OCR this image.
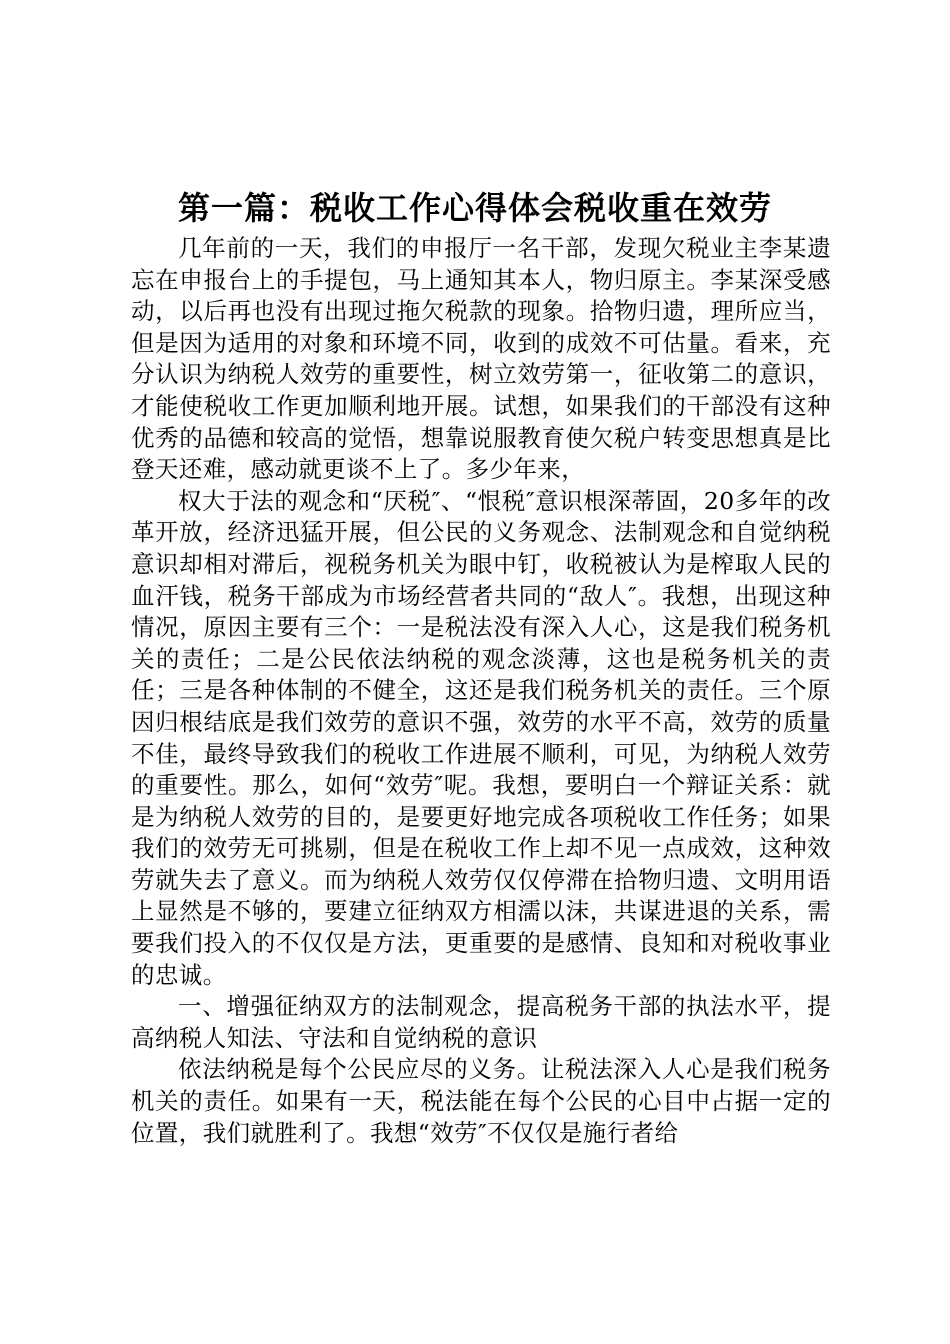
第一篇：税收工作心得体会税收重在效劳

几年前的一天，我们的申报厅一名干部，发现欠税业主李某遗忘在申报台上的手提包，马上通知其本人，物归原主。李某深受感动，以后再也没有出现过拖欠税款的现象。拾物归遗，理所应当，但是因为适用的对象和环境不同，收到的成效不可估量。看来，充分认识为纳税人效劳的重要性，树立效劳第一，征收第二的意识，才能使税收工作更加顺利地开展。试想，如果我们的干部没有这种优秀的品德和较高的觉悟，想靠说服教育使欠税户转变思想真是比登天还难，感动就更谈不上了。多少年来，

权大于法的观念和“厌税″、“恨税″意识根深蒂固，20多年的改革开放，经济迅猛开展，但公民的义务观念、法制观念和自觉纳税意识却相对滞后，视税务机关为眼中钉，收税被认为是榨取人民的血汗钱，税务干部成为市场经营者共同的“敌人″。我想，出现这种情况，原因主要有三个：一是税法没有深入人心，这是我们税务机关的责任；二是公民依法纳税的观念淡薄，这也是税务机关的责任；三是各种体制的不健全，这还是我们税务机关的责任。三个原因归根结底是我们效劳的意识不强，效劳的水平不高，效劳的质量不佳，最终导致我们的税收工作进展不顺利，可见，为纳税人效劳的重要性。那么，如何“效劳″呢。我想，要明白一个辩证关系：就是为纳税人效劳的目的，是要更好地完成各项税收工作任务；如果我们的效劳无可挑剔，但是在税收工作上却不见一点成效，这种效劳就失去了意义。而为纳税人效劳仅仅停滞在拾物归遗、文明用语上显然是不够的，要建立征纳双方相濡以沫，共谋进退的关系，需要我们投入的不仅仅是方法，更重要的是感情、良知和对税收事业的忠诚。

一、增强征纳双方的法制观念，提高税务干部的执法水平，提高纳税人知法、守法和自觉纳税的意识

依法纳税是每个公民应尽的义务。让税法深入人心是我们税务机关的责任。如果有一天，税法能在每个公民的心目中占据一定的位置，我们就胜利了。我想“效劳″不仅仅是施行者给
